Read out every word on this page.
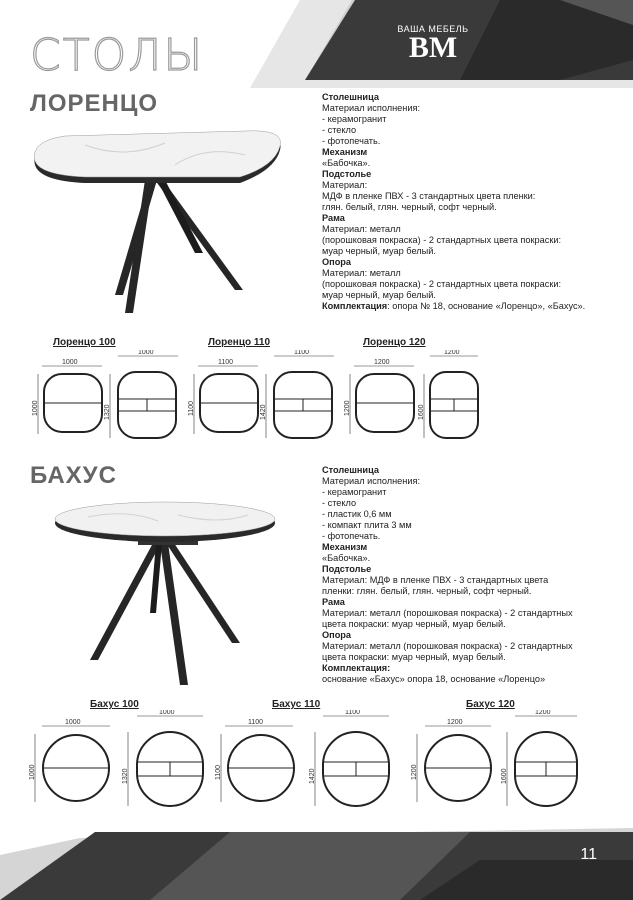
СТОЛЫ
ВАША МЕБЕЛЬ
BM
ЛОРЕНЦО	Столешница
Материал исполнения:
- керамогранит
- стекло
- фотопечать.
Механизм
«Бабочка».
Подстолье
Материал:
МДФ в пленке ПВХ - 3 стандартных цвета пленки:
глян. белый, глян. черный, софт черный.
Рама
Материал: металл
(порошковая покраска) - 2 стандартных цвета покраски:
муар черный, муар белый.
Опора
Материал: металл
(порошковая покраска) - 2 стандартных цвета покраски:
муар черный, муар белый.
Комплектация: опора № 18, основание «Лоренцо», «Бахус».
Лоренцо 100	Лоренцо 110	Лоренцо 120
1000
1000
1000
1320
1100
1100
1100
1420
1200
1200
1200
1600
БАХУС	Столешница
Материал исполнения:
- керамогранит
- стекло
- пластик 0,6 мм
- компакт плита 3 мм
- фотопечать.
Механизм
«Бабочка».
Подстолье
Материал: МДФ в пленке ПВХ - 3 стандартных цвета
пленки: глян. белый, глян. черный, софт черный.
Рама
Материал: металл (порошковая покраска) - 2 стандартных
цвета покраски: муар черный, муар белый.
Опора
Материал: металл (порошковая покраска) - 2 стандартных
цвета покраски: муар черный, муар белый.
Комплектация:
основание «Бахус» опора 18, основание «Лоренцо»
Бахус 100	Бахус 110	Бахус 120
1000
1000
1000
1320
1100
1100
1100
1420
1200
1200
1200
1600
11
